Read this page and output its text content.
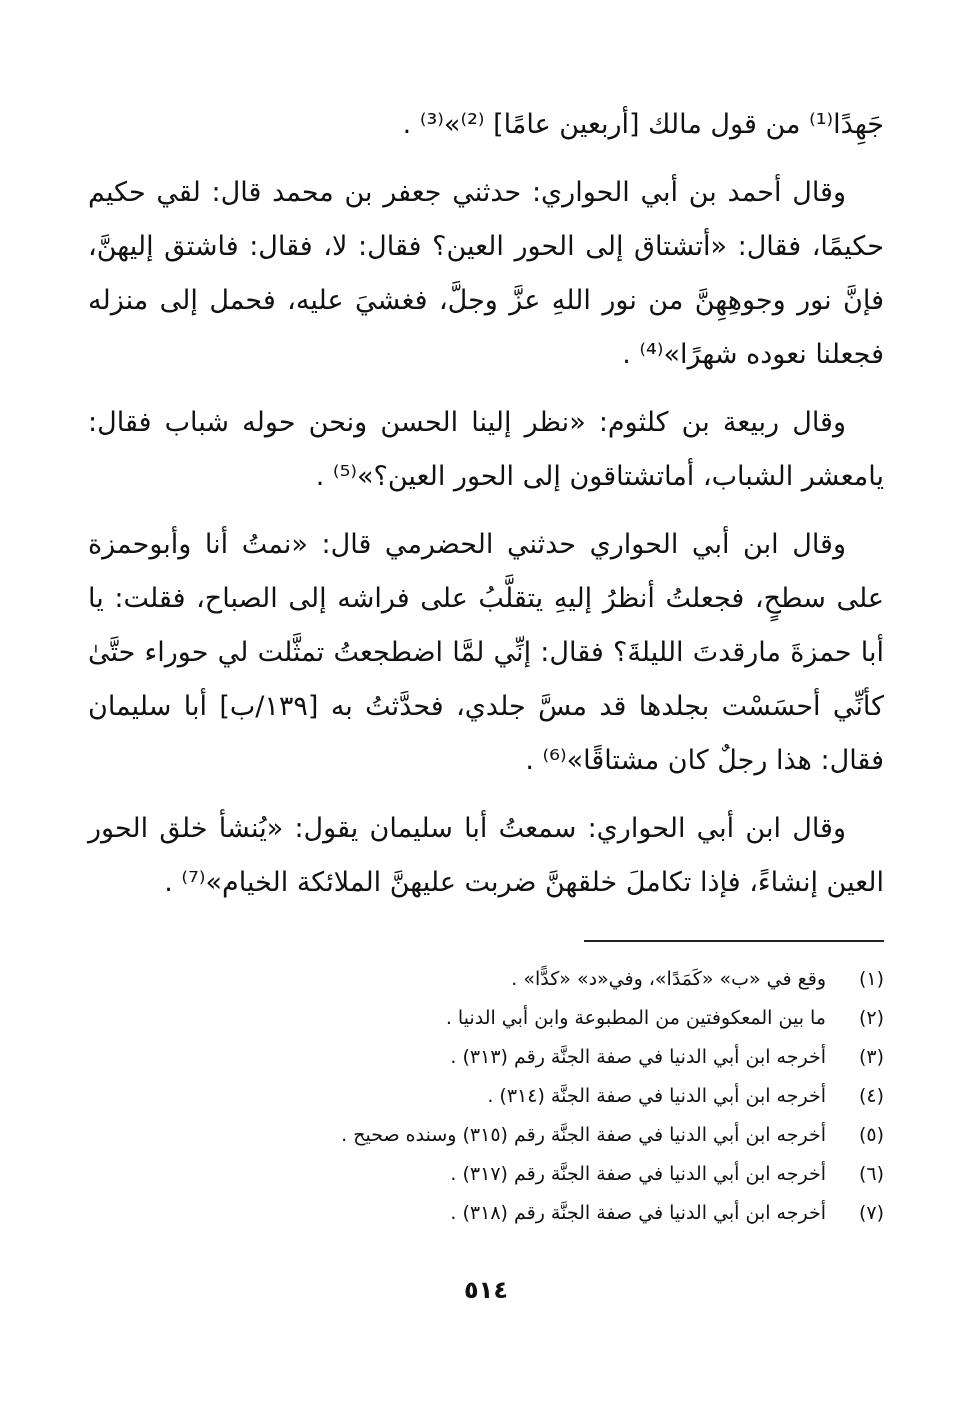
جَهِدًا⁽¹⁾ من قول مالك [أربعين عامًا] ⁽²⁾»⁽³⁾ .

وقال أحمد بن أبي الحواري: حدثني جعفر بن محمد قال: لقي حكيم حكيمًا، فقال: «أتشتاق إلى الحور العين؟ فقال: لا، فقال: فاشتق إليهنَّ، فإنَّ نور وجوهِهِنَّ من نور اللهِ عزَّ وجلَّ، فغشيَ عليه، فحمل إلى منزله فجعلنا نعوده شهرًا»⁽⁴⁾ .

وقال ربيعة بن كلثوم: «نظر إلينا الحسن ونحن حوله شباب فقال: يامعشر الشباب، أماتشتاقون إلى الحور العين؟»⁽⁵⁾ .

وقال ابن أبي الحواري حدثني الحضرمي قال: «نمتُ أنا وأبوحمزة على سطحٍ، فجعلتُ أنظرُ إليهِ يتقلَّبُ على فراشه إلى الصباح، فقلت: يا أبا حمزةَ مارقدتَ الليلةَ؟ فقال: إنِّي لمَّا اضطجعتُ تمثَّلت لي حوراء حتَّىٰ كأنِّي أحسَسْت بجلدها قد مسَّ جلدي، فحدَّثتُ به [١٣٩/ب] أبا سليمان فقال: هذا رجلٌ كان مشتاقًا»⁽⁶⁾ .

وقال ابن أبي الحواري: سمعتُ أبا سليمان يقول: «يُنشأ خلق الحور العين إنشاءً، فإذا تكاملَ خلقهنَّ ضربت عليهنَّ الملائكة الخيام»⁽⁷⁾ .

(١)
وقع في «ب» «كَمَدًا»، وفي«د» «كدًّا» .
(٢)
ما بين المعكوفتين من المطبوعة وابن أبي الدنيا .
(٣)
أخرجه ابن أبي الدنيا في صفة الجنَّة رقم (٣١٣) .
(٤)
أخرجه ابن أبي الدنيا في صفة الجنَّة (٣١٤) .
(٥)
أخرجه ابن أبي الدنيا في صفة الجنَّة رقم (٣١٥) وسنده صحيح .
(٦)
أخرجه ابن أبي الدنيا في صفة الجنَّة رقم (٣١٧) .
(٧)
أخرجه ابن أبي الدنيا في صفة الجنَّة رقم (٣١٨) .
٥١٤
